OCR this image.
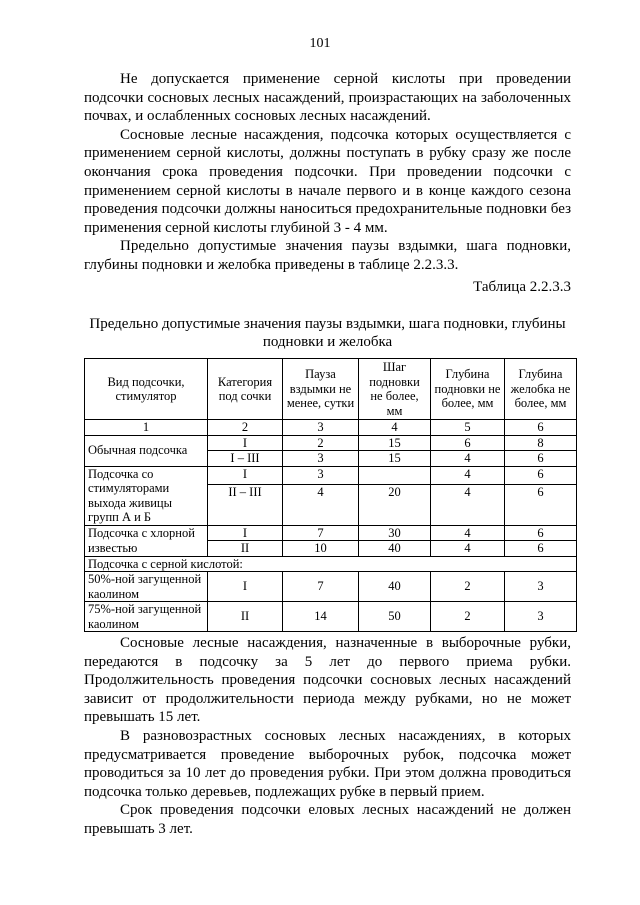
101

Не допускается применение серной кислоты при проведении подсочки сосновых лесных насаждений, произрастающих на заболоченных почвах, и ослабленных сосновых лесных насаждений.

Сосновые лесные насаждения, подсочка которых осуществляется с применением серной кислоты, должны поступать в рубку сразу же после окончания срока проведения подсочки. При проведении подсочки с применением серной кислоты в начале первого и в конце каждого сезона проведения подсочки должны наноситься предохранительные подновки без применения серной кислоты глубиной 3 - 4 мм.

Предельно допустимые значения паузы вздымки, шага подновки, глубины подновки и желобка приведены в таблице 2.2.3.3.

Таблица 2.2.3.3
Предельно допустимые значения паузы вздымки, шага подновки, глубины подновки и желобка
Вид подсочки, стимулятор	Категория под сочки	Пауза вздымки не менее, сутки	Шаг подновки не более, мм	Глубина подновки не более, мм	Глубина желобка не более, мм
1	2	3	4	5	6
Обычная подсочка	I	2	15	6	8
	I – III	3	15	4	6
Подсочка со стимуляторами выхода живицы групп А и Б	I	3		4	6
	II – III	4	20	4	6
Подсочка с хлорной известью	I	7	30	4	6
	II	10	40	4	6
Подсочка с серной кислотой:					
50%-ной загущенной каолином	I	7	40	2	3
75%-ной загущенной каолином	II	14	50	2	3

Сосновые лесные насаждения, назначенные в выборочные рубки, передаются в подсочку за 5 лет до первого приема рубки. Продолжительность проведения подсочки сосновых лесных насаждений зависит от продолжительности периода между рубками, но не может превышать 15 лет.

В разновозрастных сосновых лесных насаждениях, в которых предусматривается проведение выборочных рубок, подсочка может проводиться за 10 лет до проведения рубки. При этом должна проводиться подсочка только деревьев, подлежащих рубке в первый прием.

Срок проведения подсочки еловых лесных насаждений не должен превышать 3 лет.
